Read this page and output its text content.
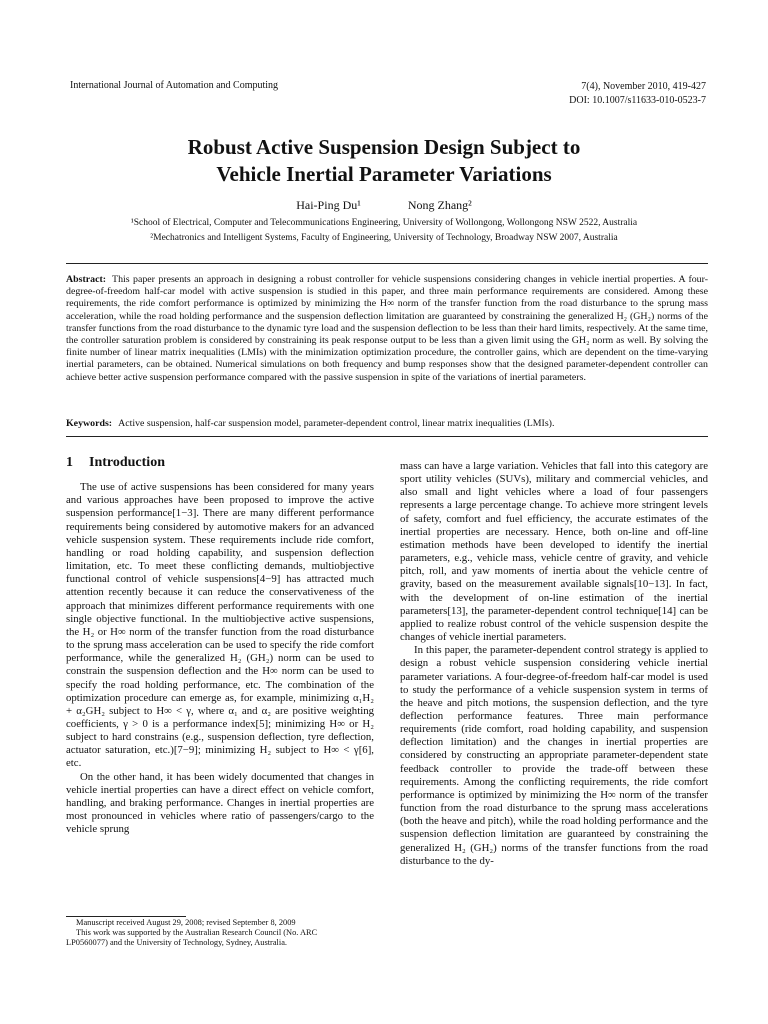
International Journal of Automation and Computing	7(4), November 2010, 419-427
DOI: 10.1007/s11633-010-0523-7
Robust Active Suspension Design Subject to
Vehicle Inertial Parameter Variations
Hai-Ping Du¹	Nong Zhang²
¹School of Electrical, Computer and Telecommunications Engineering, University of Wollongong, Wollongong NSW 2522, Australia
²Mechatronics and Intelligent Systems, Faculty of Engineering, University of Technology, Broadway NSW 2007, Australia
Abstract: This paper presents an approach in designing a robust controller for vehicle suspensions considering changes in vehicle inertial properties. A four-degree-of-freedom half-car model with active suspension is studied in this paper, and three main performance requirements are considered. Among these requirements, the ride comfort performance is optimized by minimizing the H∞ norm of the transfer function from the road disturbance to the sprung mass acceleration, while the road holding performance and the suspension deflection limitation are guaranteed by constraining the generalized H₂ (GH₂) norms of the transfer functions from the road disturbance to the dynamic tyre load and the suspension deflection to be less than their hard limits, respectively. At the same time, the controller saturation problem is considered by constraining its peak response output to be less than a given limit using the GH₂ norm as well. By solving the finite number of linear matrix inequalities (LMIs) with the minimization optimization procedure, the controller gains, which are dependent on the time-varying inertial parameters, can be obtained. Numerical simulations on both frequency and bump responses show that the designed parameter-dependent controller can achieve better active suspension performance compared with the passive suspension in spite of the variations of inertial parameters.
Keywords: Active suspension, half-car suspension model, parameter-dependent control, linear matrix inequalities (LMIs).
1 Introduction

The use of active suspensions has been considered for many years and various approaches have been proposed to improve the active suspension performance[1−3]. There are many different performance requirements being considered by automotive makers for an advanced vehicle suspension system. These requirements include ride comfort, handling or road holding capability, and suspension deflection limitation, etc. To meet these conflicting demands, multiobjective functional control of vehicle suspensions[4−9] has attracted much attention recently because it can reduce the conservativeness of the approach that minimizes different performance requirements with one single objective functional. In the multiobjective active suspensions, the H₂ or H∞ norm of the transfer function from the road disturbance to the sprung mass acceleration can be used to specify the ride comfort performance, while the generalized H₂ (GH₂) norm can be used to constrain the suspension deflection and the H∞ norm can be used to specify the road holding performance, etc. The combination of the optimization procedure can emerge as, for example, minimizing α₁H₂ + α₂GH₂ subject to H∞ < γ, where α₁ and α₂ are positive weighting coefficients, γ > 0 is a performance index[5]; minimizing H∞ or H₂ subject to hard constrains (e.g., suspension deflection, tyre deflection, actuator saturation, etc.)[7−9]; minimizing H₂ subject to H∞ < γ[6], etc.

On the other hand, it has been widely documented that changes in vehicle inertial properties can have a direct effect on vehicle comfort, handling, and braking performance. Changes in inertial properties are most pronounced in vehicles where ratio of passengers/cargo to the vehicle sprung

mass can have a large variation. Vehicles that fall into this category are sport utility vehicles (SUVs), military and commercial vehicles, and also small and light vehicles where a load of four passengers represents a large percentage change. To achieve more stringent levels of safety, comfort and fuel efficiency, the accurate estimates of the inertial properties are necessary. Hence, both on-line and off-line estimation methods have been developed to identify the inertial parameters, e.g., vehicle mass, vehicle centre of gravity, and vehicle pitch, roll, and yaw moments of inertia about the vehicle centre of gravity, based on the measurement available signals[10−13]. In fact, with the development of on-line estimation of the inertial parameters[13], the parameter-dependent control technique[14] can be applied to realize robust control of the vehicle suspension despite the changes of vehicle inertial parameters.

In this paper, the parameter-dependent control strategy is applied to design a robust vehicle suspension considering vehicle inertial parameter variations. A four-degree-of-freedom half-car model is used to study the performance of a vehicle suspension system in terms of the heave and pitch motions, the suspension deflection, and the tyre deflection performance features. Three main performance requirements (ride comfort, road holding capability, and suspension deflection limitation) and the changes in inertial properties are considered by constructing an appropriate parameter-dependent state feedback controller to provide the trade-off between these requirements. Among the conflicting requirements, the ride comfort performance is optimized by minimizing the H∞ norm of the transfer function from the road disturbance to the sprung mass accelerations (both the heave and pitch), while the road holding performance and the suspension deflection limitation are guaranteed by constraining the generalized H₂ (GH₂) norms of the transfer functions from the road disturbance to the dy-

Manuscript received August 29, 2008; revised September 8, 2009

This work was supported by the Australian Research Council (No. ARC LP0560077) and the University of Technology, Sydney, Australia.
